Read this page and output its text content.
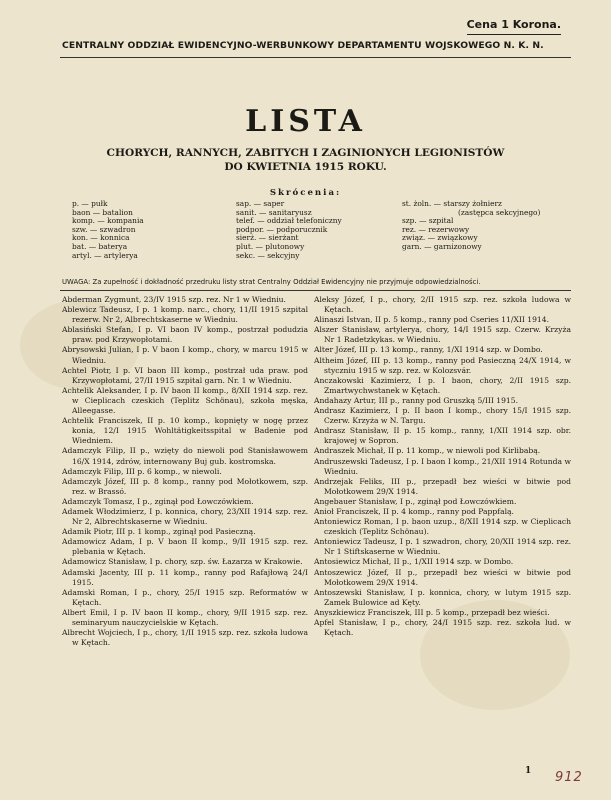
Cena 1 Korona.
CENTRALNY ODDZIAŁ EWIDENCYJNO-WERBUNKOWY DEPARTAMENTU WOJSKOWEGO N. K. N.
LISTA
CHORYCH, RANNYCH, ZABITYCH I ZAGINIONYCH LEGIONISTÓW
DO KWIETNIA 1915 ROKU.
Skrócenia:
p. — pułk
baon — batalion
komp. — kompania
szw. — szwadron
kon. — konnica
bat. — baterya
artyl. — artylerya
sap. — saper
sanit. — sanitaryusz
telef. — oddział telefoniczny
podpor. — podporucznik
sierż. — sierżant
plut. — plutonowy
sekc. — sekcyjny
st. żoln. — starszy żołnierz
(zastępca sekcyjnego)
szp. — szpital
rez. — rezerwowy
związ. — związkowy
garn. — garnizonowy
UWAGA: Za zupełność i dokładność przedruku listy strat Centralny Oddział Ewidencyjny nie przyjmuje odpowiedzialności.
Abderman Zygmunt, 23/IV 1915 szp. rez. Nr 1 w Wiedniu.
Ablewicz Tadeusz, I p. 1 komp. narc., chory, 11/II 1915 szpital rezerw. Nr 2, Albrechtskaserne w Wiedniu.
Ablasiński Stefan, I p. VI baon IV komp., postrzał podudzia praw. pod Krzywopłotami.
Abrysowski Julian, I p. V baon I komp., chory, w marcu 1915 w Wiedniu.
Achtel Piotr, I p. VI baon III komp., postrzał uda praw. pod Krzywopłotami, 27/II 1915 szpital garn. Nr. 1 w Wiedniu.
Achtelik Aleksander, I p. IV baon II komp., 8/XII 1914 szp. rez. w Cieplicach czeskich (Teplitz Schönau), szkoła męska, Alleegasse.
Achtelik Franciszek, II p. 10 komp., kopnięty w nogę przez konia, 12/I 1915 Wohltätigkeitsspital w Badenie pod Wiedniem.
Adamczyk Filip, II p., wzięty do niewoli pod Stanisławowem 16/X 1914, zdrów, internowany Buj gub. kostromska.
Adamczyk Filip, III p. 6 komp., w niewoli.
Adamczyk Józef, III p. 8 komp., ranny pod Mołotkowem, szp. rez. w Brassó.
Adamczyk Tomasz, I p., zginął pod Łowczówkiem.
Adamek Włodzimierz, I p. konnica, chory, 23/XII 1914 szp. rez. Nr 2, Albrechtskaserne w Wiedniu.
Adamik Piotr, III p. 1 komp., zginął pod Pasieczną.
Adamowicz Adam, I p. V baon II komp., 9/II 1915 szp. rez. plebania w Kętach.
Adamowicz Stanisław, I p. chory, szp. św. Łazarza w Krakowie.
Adamski Jacenty, III p. 11 komp., ranny pod Rafajłową 24/I 1915.
Adamski Roman, I p., chory, 25/I 1915 szp. Reformatów w Kętach.
Albert Emil, I p. IV baon II komp., chory, 9/II 1915 szp. rez. seminaryum nauczycielskie w Kętach.
Albrecht Wojciech, I p., chory, 1/II 1915 szp. rez. szkoła ludowa w Kętach.
Aleksy Józef, I p., chory, 2/II 1915 szp. rez. szkoła ludowa w Kętach.
Alinaszi Istvan, II p. 5 komp., ranny pod Cseries 11/XII 1914.
Alszer Stanisław, artylerya, chory, 14/I 1915 szp. Czerw. Krzyża Nr 1 Radetzkykas. w Wiedniu.
Alter Józef, III p. 13 komp., ranny, 1/XI 1914 szp. w Dombo.
Altheim Józef, III p. 13 komp., ranny pod Pasieczną 24/X 1914, w styczniu 1915 w szp. rez. w Kolozsvár.
Anczakowski Kazimierz, I p. I baon, chory, 2/II 1915 szp. Zmartwychwstanek w Kętach.
Andahazy Artur, III p., ranny pod Gruszką 5/III 1915.
Andrasz Kazimierz, I p. II baon I komp., chory 15/I 1915 szp. Czerw. Krzyża w N. Targu.
Andrasz Stanisław, II p. 15 komp., ranny, 1/XII 1914 szp. obr. krajowej w Sopron.
Andraszek Michał, II p. 11 komp., w niewoli pod Kirlibabą.
Andruszewski Tadeusz, I p. I baon I komp., 21/XII 1914 Rotunda w Wiedniu.
Andrzejak Feliks, III p., przepadł bez wieści w bitwie pod Mołotkowem 29/X 1914.
Angebauer Stanisław, I p., zginął pod Łowczówkiem.
Anioł Franciszek, II p. 4 komp., ranny pod Pappfalą.
Antoniewicz Roman, I p. baon uzup., 8/XII 1914 szp. w Cieplicach czeskich (Teplitz Schönau).
Antoniewicz Tadeusz, I p. 1 szwadron, chory, 20/XII 1914 szp. rez. Nr 1 Stiftskaserne w Wiedniu.
Antosiewicz Michał, II p., 1/XII 1914 szp. w Dombo.
Antoszewicz Józef, II p., przepadł bez wieści w bitwie pod Mołotkowem 29/X 1914.
Antoszewski Stanisław, I p. konnica, chory, w lutym 1915 szp. Zamek Bulowice ad Kęty.
Anyszkiewicz Franciszek, III p. 5 komp., przepadł bez wieści.
Apfel Stanisław, I p., chory, 24/I 1915 szp. rez. szkoła lud. w Kętach.
1 912
